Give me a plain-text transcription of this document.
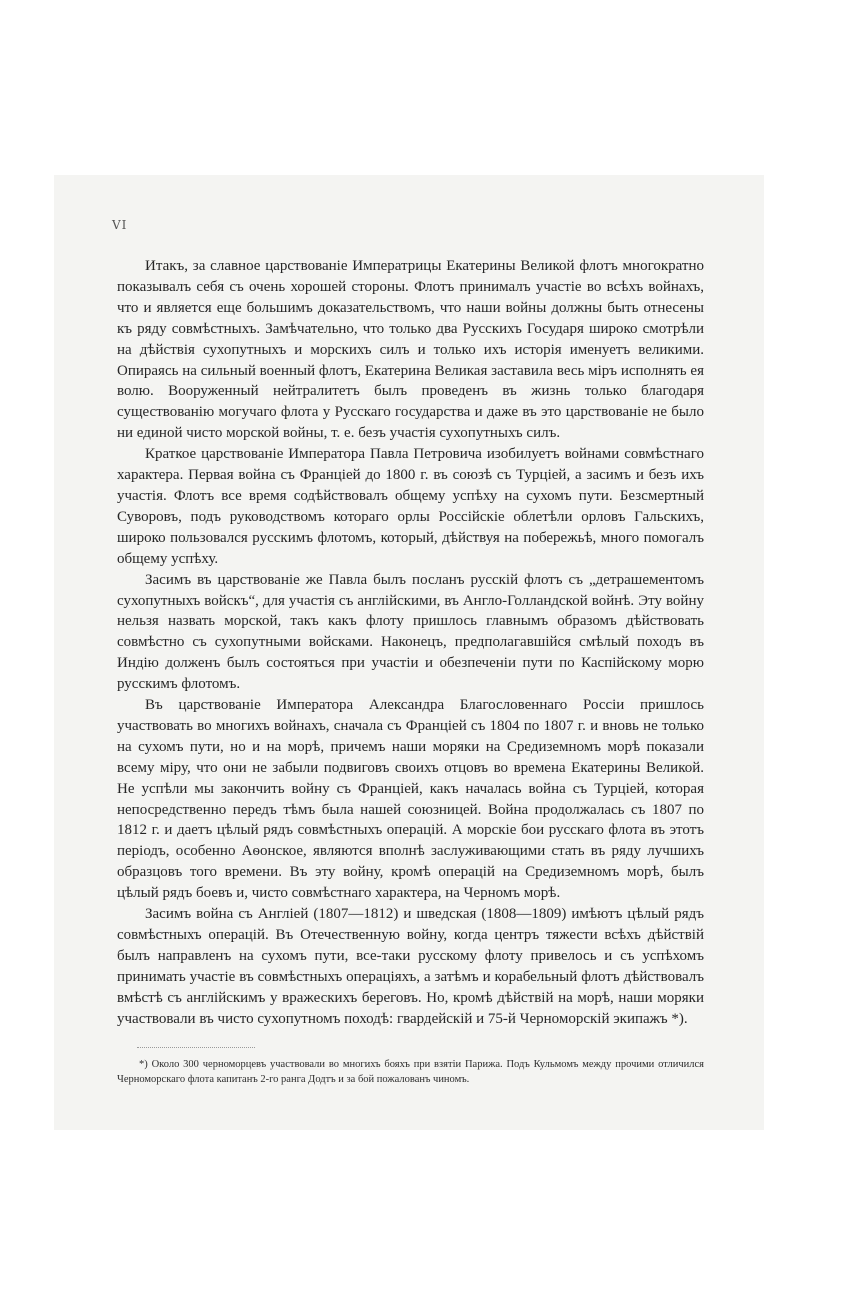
VI

Итакъ, за славное царствованіе Императрицы Екатерины Великой флотъ многократно показывалъ себя съ очень хорошей стороны. Флотъ принималъ участіе во всѣхъ войнахъ, что и является еще большимъ доказательствомъ, что наши войны должны быть отнесены къ ряду совмѣстныхъ. Замѣчательно, что только два Русскихъ Государя широко смотрѣли на дѣйствія сухопутныхъ и морскихъ силъ и только ихъ исторія именуетъ великими. Опираясь на сильный военный флотъ, Екатерина Великая заставила весь міръ исполнять ея волю. Вооруженный нейтралитетъ былъ проведенъ въ жизнь только благодаря существованію могучаго флота у Русскаго государства и даже въ это царствованіе не было ни единой чисто морской войны, т. е. безъ участія сухопутныхъ силъ.

Краткое царствованіе Императора Павла Петровича изобилуетъ войнами совмѣстнаго характера. Первая война съ Франціей до 1800 г. въ союзѣ съ Турціей, а засимъ и безъ ихъ участія. Флотъ все время содѣйствовалъ общему успѣху на сухомъ пути. Безсмертный Суворовъ, подъ руководствомъ котораго орлы Россійскіе облетѣли орловъ Гальскихъ, широко пользовался русскимъ флотомъ, который, дѣйствуя на побережьѣ, много помогалъ общему успѣху.

Засимъ въ царствованіе же Павла былъ посланъ русскій флотъ съ „детрашементомъ сухопутныхъ войскъ“, для участія съ англійскими, въ Англо-Голландской войнѣ. Эту войну нельзя назвать морской, такъ какъ флоту пришлось главнымъ образомъ дѣйствовать совмѣстно съ сухопутными войсками. Наконецъ, предполагавшійся смѣлый походъ въ Индію долженъ былъ состояться при участіи и обезпеченіи пути по Каспійскому морю русскимъ флотомъ.

Въ царствованіе Императора Александра Благословеннаго Россіи пришлось участвовать во многихъ войнахъ, сначала съ Франціей съ 1804 по 1807 г. и вновь не только на сухомъ пути, но и на морѣ, причемъ наши моряки на Средиземномъ морѣ показали всему міру, что они не забыли подвиговъ своихъ отцовъ во времена Екатерины Великой. Не успѣли мы закончить войну съ Франціей, какъ началась война съ Турціей, которая непосредственно передъ тѣмъ была нашей союзницей. Война продолжалась съ 1807 по 1812 г. и даетъ цѣлый рядъ совмѣстныхъ операцій. А морскіе бои русскаго флота въ этотъ періодъ, особенно Аѳонское, являются вполнѣ заслуживающими стать въ ряду лучшихъ образцовъ того времени. Въ эту войну, кромѣ операцій на Средиземномъ морѣ, былъ цѣлый рядъ боевъ и, чисто совмѣстнаго характера, на Черномъ морѣ.

Засимъ война съ Англіей (1807—1812) и шведская (1808—1809) имѣютъ цѣлый рядъ совмѣстныхъ операцій. Въ Отечественную войну, когда центръ тяжести всѣхъ дѣйствій былъ направленъ на сухомъ пути, все-таки русскому флоту привелось и съ успѣхомъ принимать участіе въ совмѣстныхъ операціяхъ, а затѣмъ и корабельный флотъ дѣйствовалъ вмѣстѣ съ англійскимъ у вражескихъ береговъ. Но, кромѣ дѣйствій на морѣ, наши моряки участвовали въ чисто сухопутномъ походѣ: гвардейскій и 75-й Черноморскій экипажъ *).

*) Около 300 черноморцевъ участвовали во многихъ бояхъ при взятіи Парижа. Подъ Кульмомъ между прочими отличился Черноморскаго флота капитанъ 2-го ранга Додтъ и за бой пожалованъ чиномъ.
